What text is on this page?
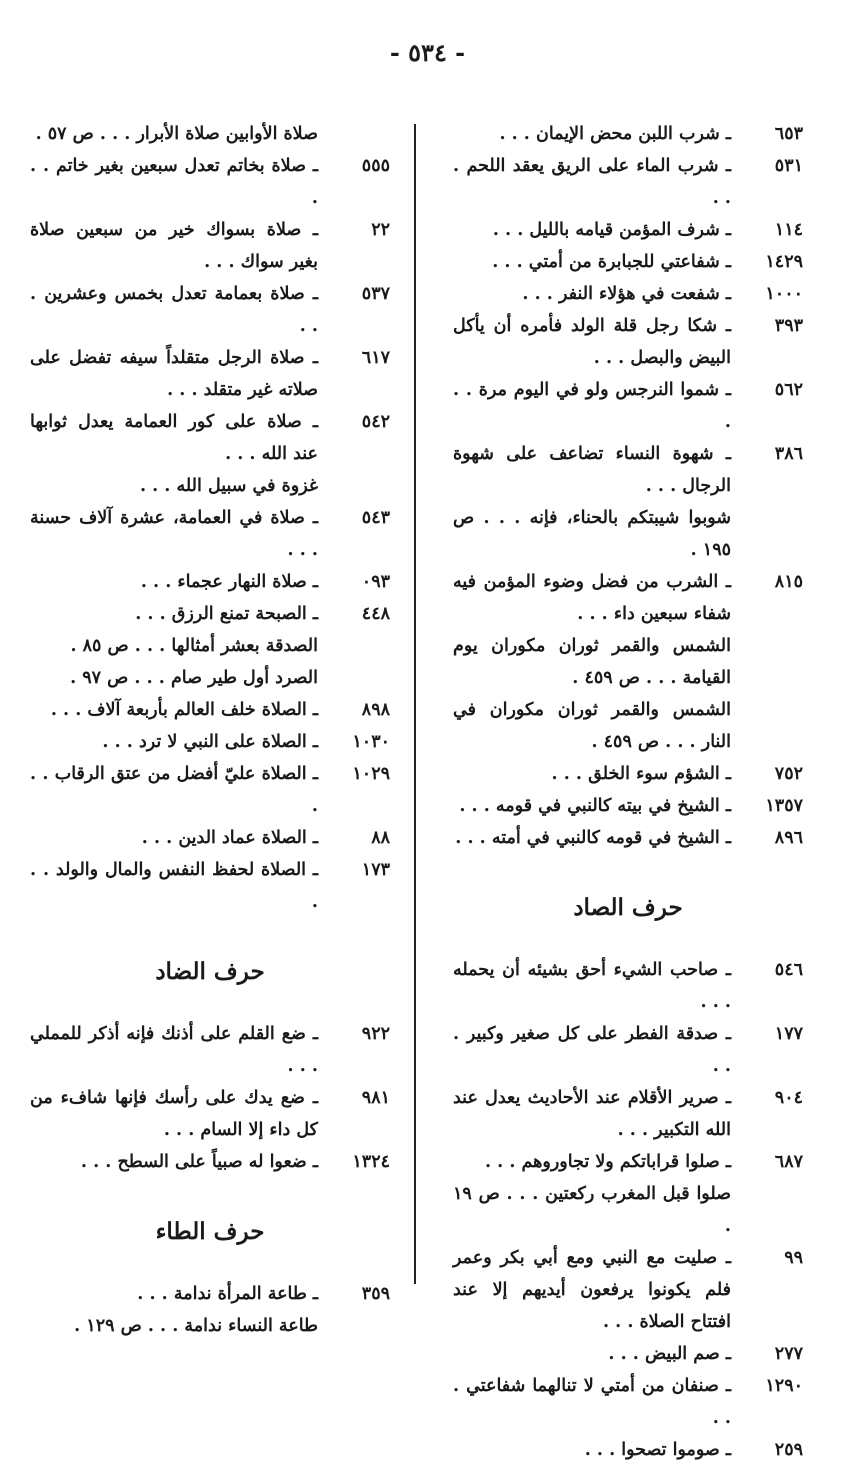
- ٥٣٤ -
٦٥٣
ـ شرب اللبن محض الإيمان . . .
٥٣١
ـ شرب الماء على الريق يعقد اللحم . . .
١١٤
ـ شرف المؤمن قيامه بالليل . . .
١٤٢٩
ـ شفاعتي للجبابرة من أمتي . . .
١٠٠٠
ـ شفعت في هؤلاء النفر . . .
٣٩٣
ـ شكا رجل قلة الولد فأمره أن يأكل البيض والبصل . . .
٥٦٢
ـ شموا النرجس ولو في اليوم مرة . . .
٣٨٦
ـ شهوة النساء تضاعف على شهوة الرجال . . .
شوبوا شيبتكم بالحناء، فإنه . . . ص ١٩٥ .
٨١٥
ـ الشرب من فضل وضوء المؤمن فيه شفاء سبعين داء . . .
الشمس والقمر ثوران مكوران يوم القيامة . . . ص ٤٥٩ .
الشمس والقمر ثوران مكوران في النار . . . ص ٤٥٩ .
٧٥٢
ـ الشؤم سوء الخلق . . .
١٣٥٧
ـ الشيخ في بيته كالنبي في قومه . . .
٨٩٦
ـ الشيخ في قومه كالنبي في أمته . . .
حرف الصاد
٥٤٦
ـ صاحب الشيء أحق بشيئه أن يحمله . . .
١٧٧
ـ صدقة الفطر على كل صغير وكبير . . .
٩٠٤
ـ صرير الأقلام عند الأحاديث يعدل عند الله التكبير . . .
٦٨٧
ـ صلوا قراباتكم ولا تجاوروهم . . .
صلوا قبل المغرب ركعتين . . . ص ١٩ .
٩٩
ـ صليت مع النبي ومع أبي بكر وعمر فلم يكونوا يرفعون أيديهم إلا عند افتتاح الصلاة . . .
٢٧٧
ـ صم البيض . . .
١٢٩٠
ـ صنفان من أمتي لا تنالهما شفاعتي . . .
٢٥٩
ـ صوموا تصحوا . . .
صلاة الأوابين صلاة الأبرار . . . ص ٥٧ .
٥٥٥
ـ صلاة بخاتم تعدل سبعين بغير خاتم . . .
٢٢
ـ صلاة بسواك خير من سبعين صلاة بغير سواك . . .
٥٣٧
ـ صلاة بعمامة تعدل بخمس وعشرين . . .
٦١٧
ـ صلاة الرجل متقلداً سيفه تفضل على صلاته غير متقلد . . .
٥٤٢
ـ صلاة على كور العمامة يعدل ثوابها عند الله . . .
غزوة في سبيل الله . . .
٥٤٣
ـ صلاة في العمامة، عشرة آلاف حسنة . . .
٠٩٣
ـ صلاة النهار عجماء . . .
٤٤٨
ـ الصبحة تمنع الرزق . . .
الصدقة بعشر أمثالها . . . ص ٨٥ .
الصرد أول طير صام . . . ص ٩٧ .
٨٩٨
ـ الصلاة خلف العالم بأربعة آلاف . . .
١٠٣٠
ـ الصلاة على النبي لا ترد . . .
١٠٢٩
ـ الصلاة عليّ أفضل من عتق الرقاب . . .
٨٨
ـ الصلاة عماد الدين . . .
١٧٣
ـ الصلاة لحفظ النفس والمال والولد . . .
حرف الضاد
٩٢٢
ـ ضع القلم على أذنك فإنه أذكر للمملي . . .
٩٨١
ـ ضع يدك على رأسك فإنها شافء من كل داء إلا السام . . .
١٣٢٤
ـ ضعوا له صبياً على السطح . . .
حرف الطاء
٣٥٩
ـ طاعة المرأة ندامة . . .
طاعة النساء ندامة . . . ص ١٢٩ .
